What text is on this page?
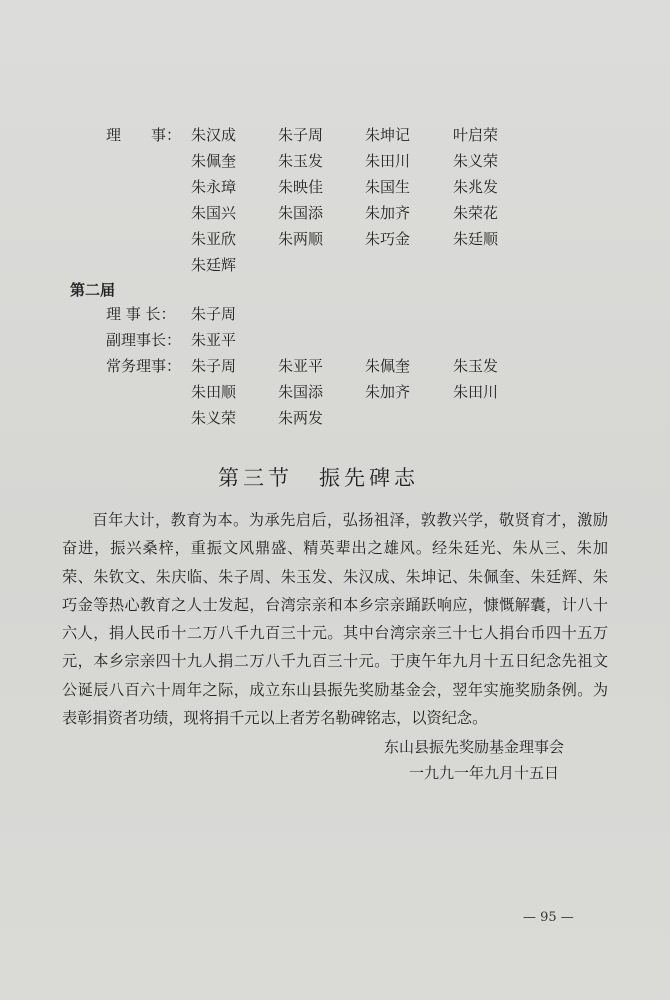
理　　事： 朱汉成	朱子周	朱坤记	叶启荣
朱佩奎	朱玉发	朱田川	朱义荣
朱永璋	朱映佳	朱国生	朱兆发
朱国兴	朱国添	朱加齐	朱荣花
朱亚欣	朱两顺	朱巧金	朱廷顺
朱廷辉
第二届
理 事 长： 朱子周
副理事长： 朱亚平
常务理事： 朱子周	朱亚平	朱佩奎	朱玉发
朱田顺	朱国添	朱加齐	朱田川
朱义荣	朱两发
第三节 振先碑志
百年大计，教育为本。为承先启后，弘扬祖泽，敦教兴学，敬贤育才，激励奋进，振兴桑梓，重振文风鼎盛、精英辈出之雄风。经朱廷光、朱从三、朱加荣、朱钦文、朱庆临、朱子周、朱玉发、朱汉成、朱坤记、朱佩奎、朱廷辉、朱巧金等热心教育之人士发起，台湾宗亲和本乡宗亲踊跃响应，慷慨解囊，计八十六人，捐人民币十二万八千九百三十元。其中台湾宗亲三十七人捐台币四十五万元，本乡宗亲四十九人捐二万八千九百三十元。于庚午年九月十五日纪念先祖文公诞辰八百六十周年之际，成立东山县振先奖励基金会，翌年实施奖励条例。为表彰捐资者功绩，现将捐千元以上者芳名勒碑铭志，以资纪念。
东山县振先奖励基金理事会
一九九一年九月十五日
— 95 —
